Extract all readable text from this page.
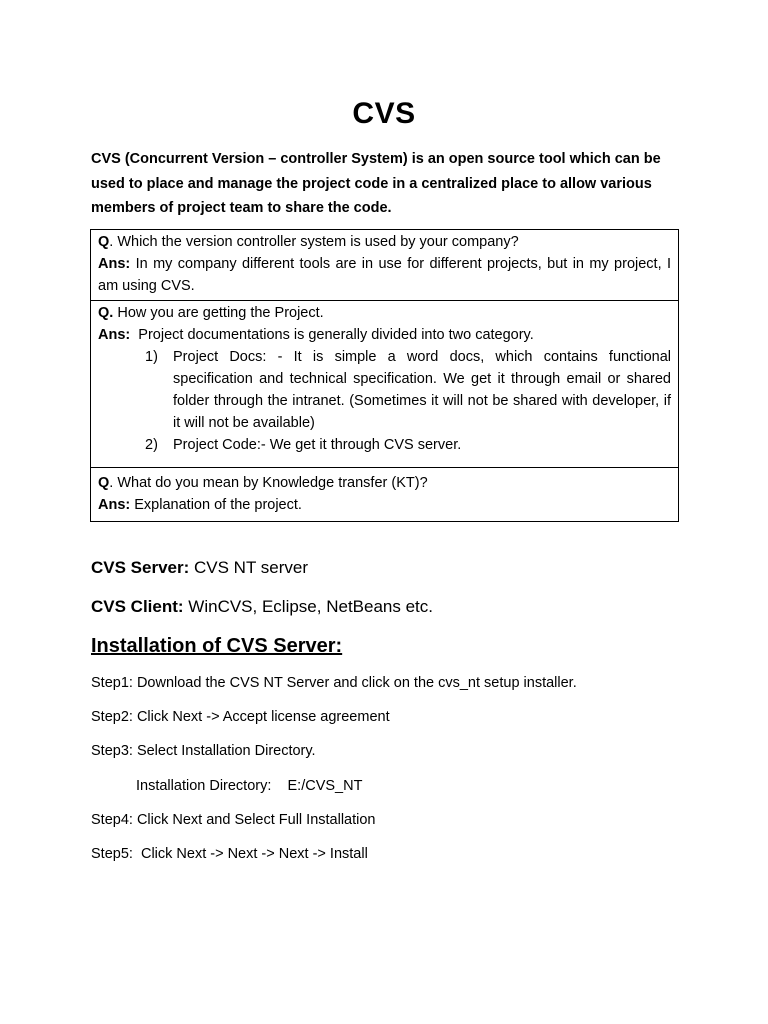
CVS
CVS (Concurrent Version – controller System) is an open source tool which can be used to place and manage the project code in a centralized place to allow various members of project team to share the code.
Q. Which the version controller system is used by your company?
Ans: In my company different tools are in use for different projects, but in my project, I am using CVS.

Q. How you are getting the Project.
Ans:  Project documentations is generally divided into two category.
1) Project Docs: - It is simple a word docs, which contains functional specification and technical specification. We get it through email or shared folder through the intranet. (Sometimes it will not be shared with developer, if it will not be available)
2) Project Code:- We get it through CVS server.

Q. What do you mean by Knowledge transfer (KT)?
Ans: Explanation of the project.
CVS Server: CVS NT server
CVS Client: WinCVS, Eclipse, NetBeans etc.
Installation of CVS Server:
Step1: Download the CVS NT Server and click on the cvs_nt setup installer.
Step2: Click Next -> Accept license agreement
Step3: Select Installation Directory.
Installation Directory:    E:/CVS_NT
Step4: Click Next and Select Full Installation
Step5:  Click Next -> Next -> Next -> Install
